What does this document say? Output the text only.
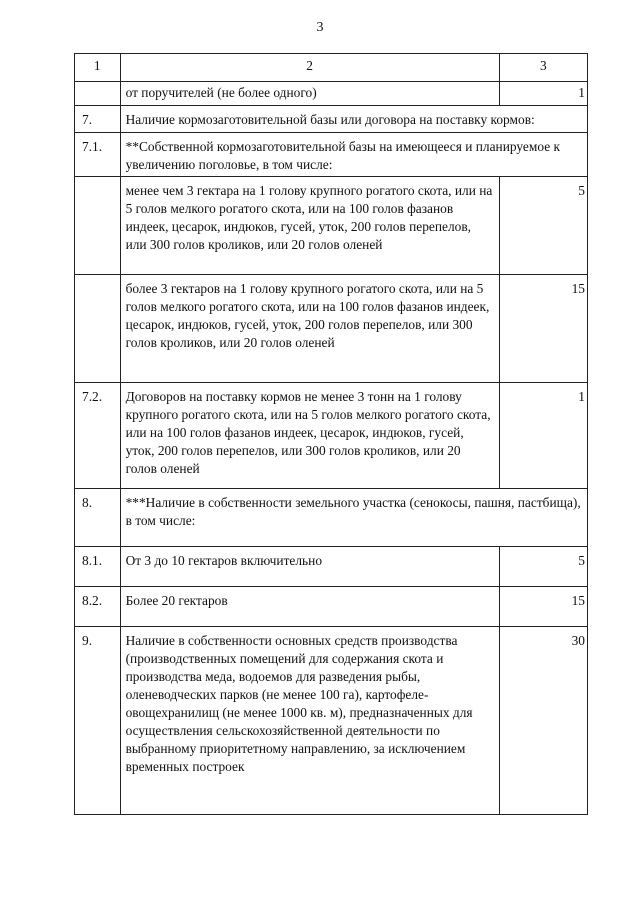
3
1	2	3
	от поручителей (не более одного)	1
7.	Наличие кормозаготовительной базы или договора на поставку кормов:	
7.1.	**Собственной кормозаготовительной базы на имеющееся и планируемое к увеличению поголовье, в том числе:	
	менее чем 3 гектара на 1 голову крупного рогатого скота, или на 5 голов мелкого рогатого скота, или на 100 голов фазанов индеек, цесарок, индюков, гусей, уток, 200 голов перепелов, или 300 голов кроликов, или 20 голов оленей	5
	более 3 гектаров на 1 голову крупного рогатого скота, или на 5 голов мелкого рогатого скота, или на 100 голов фазанов индеек, цесарок, индюков, гусей, уток, 200 голов перепелов, или 300 голов кроликов, или 20 голов оленей	15
7.2.	Договоров на поставку кормов не менее 3 тонн на 1 голову крупного рогатого скота, или на 5 голов мелкого рогатого скота, или на 100 голов фазанов индеек, цесарок, индюков, гусей, уток, 200 голов перепелов, или 300 голов кроликов, или 20 голов оленей	1
8.	***Наличие в собственности земельного участка (сенокосы, пашня, пастбища), в том числе:	
8.1.	От 3 до 10 гектаров включительно	5
8.2.	Более 20 гектаров	15
9.	Наличие в собственности основных средств производства (производственных помещений для содержания скота и производства меда, водоемов для разведения рыбы, оленеводческих парков (не менее 100 га), картофеле-овощехранилищ (не менее 1000 кв. м), предназначенных для осуществления сельскохозяйственной деятельности по выбранному приоритетному направлению, за исключением временных построек	30
